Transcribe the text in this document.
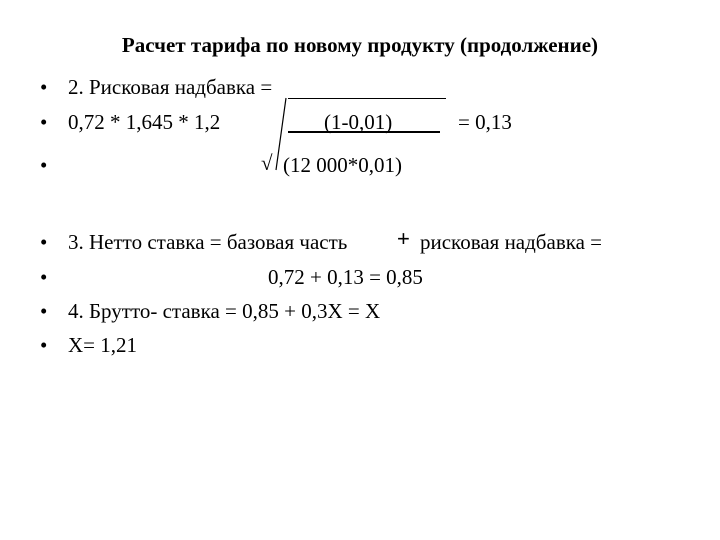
Расчет тарифа по новому продукту (продолжение)
• 2. Рисковая надбавка =
• 0,72 * 1,645 * 1,2	(1-0,01)	= 0,13
•	√ (12 000*0,01)
• 3. Нетто ставка = базовая часть + рисковая надбавка =
•	0,72 + 0,13 = 0,85
• 4. Брутто- ставка = 0,85 + 0,3Х = Х
• Х= 1,21
